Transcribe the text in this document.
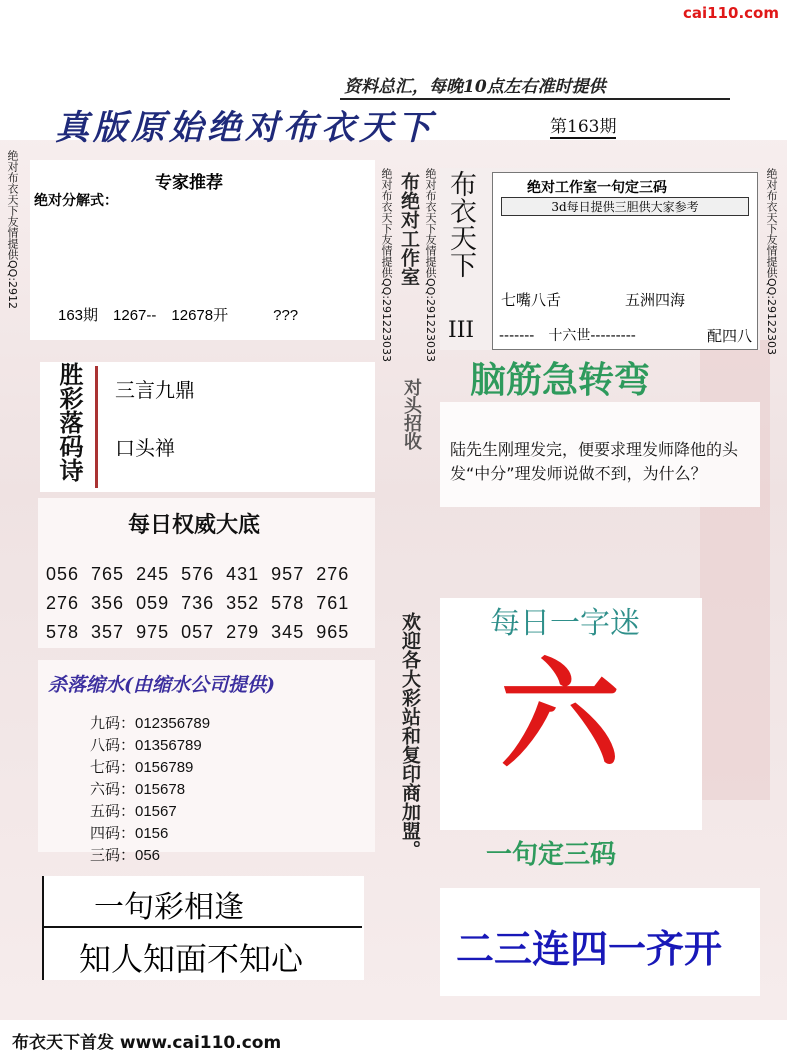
cai110.com
资料总汇，每晚10点左右准时提供
真版原始绝对布衣天下	第163期
绝对布衣天下友情提供QQ:2912	绝对布衣天下友情提供QQ:291223033	绝对布衣天下友情提供QQ:291223033	绝对布衣天下友情提供QQ:29122303
专家推荐
绝对分解式：
163期　1267--　12678开　　　???
布绝对工作室
胜彩落码诗 三言九鼎
口头禅
每日权威大底
056  765  245  576  431  957  276
276  356  059  736  352  578  761
578  357  975  057  279  345  965
杀落缩水(由缩水公司提供)
九码：012356789
八码：01356789
七码：0156789
六码：015678
五码：01567
四码：0156
三码：056
一句彩相逢
知人知面不知心
对头招收
欢迎各大彩站和复印商加盟。
布衣天下
III
绝对工作室一句定三码
3d每日提供三胆供大家参考
七嘴八舌	五洲四海
-------　十六世---------	配四八
脑筋急转弯
陆先生刚理发完，便要求理发师降他的头发“中分”理发师说做不到，为什么？
每日一字迷
六
一句定三码
二三连四一齐开
布衣天下首发 www.cai110.com
